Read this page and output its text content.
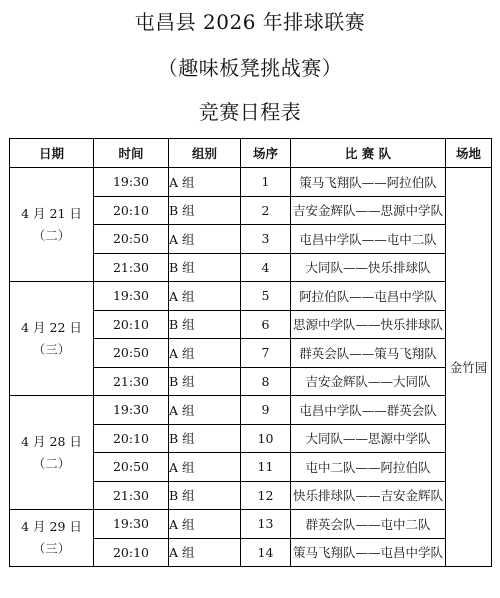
屯昌县 2026 年排球联赛
（趣味板凳挑战赛）
竞赛日程表
日期	时间	组别	场序	比 赛 队	场地

4 月 21 日
（二）	19:30	A 组	1	策马飞翔队——阿拉伯队	金竹园
	20:10	B 组	2	吉安金辉队——思源中学队	
	20:50	A 组	3	屯昌中学队——屯中二队	
	21:30	B 组	4	大同队——快乐排球队	

4 月 22 日
（三）	19:30	A 组	5	阿拉伯队——屯昌中学队	
	20:10	B 组	6	思源中学队——快乐排球队	
	20:50	A 组	7	群英会队——策马飞翔队	
	21:30	B 组	8	吉安金辉队——大同队	

4 月 28 日
（二）	19:30	A 组	9	屯昌中学队——群英会队	
	20:10	B 组	10	大同队——思源中学队	
	20:50	A 组	11	屯中二队——阿拉伯队	
	21:30	B 组	12	快乐排球队——吉安金辉队	

4 月 29 日
（三）	19:30	A 组	13	群英会队——屯中二队	
	20:10	A 组	14	策马飞翔队——屯昌中学队	
